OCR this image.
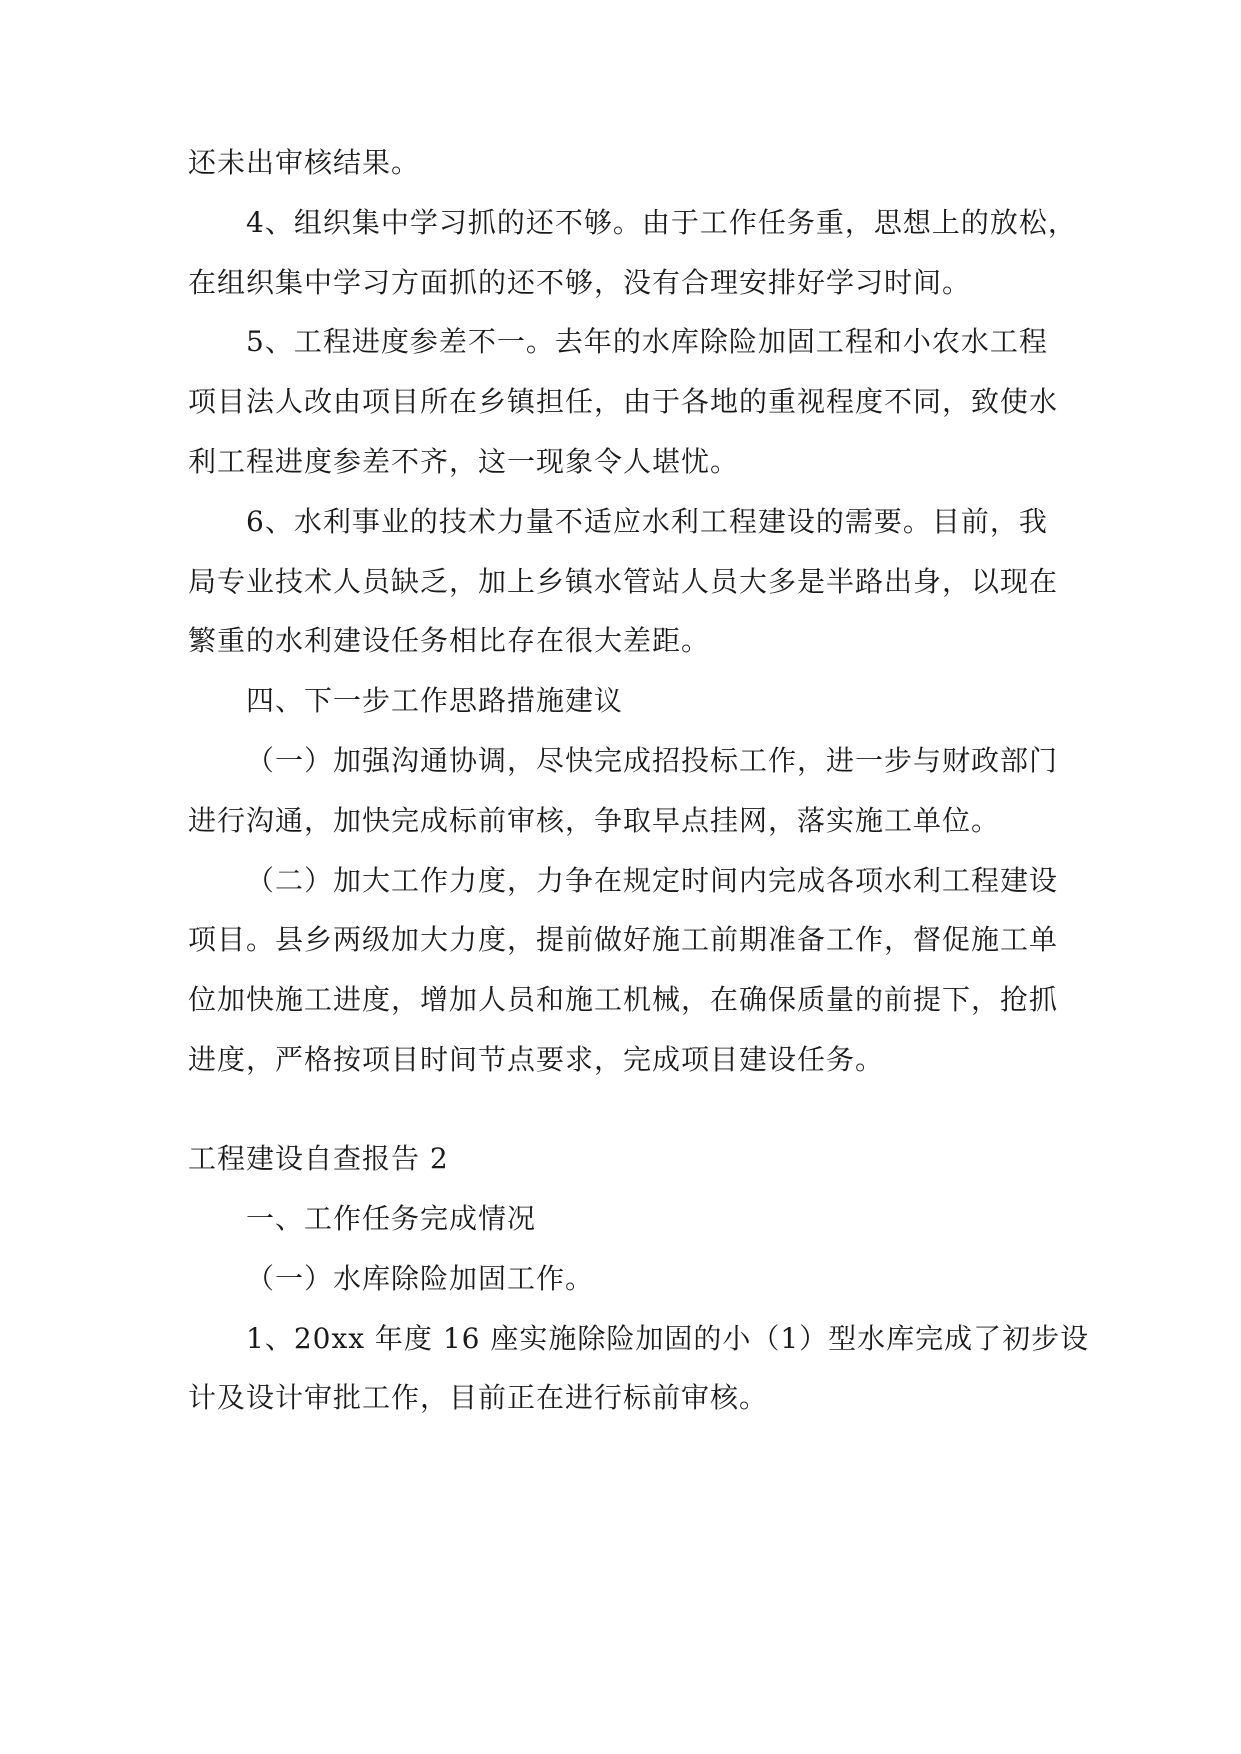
还未出审核结果。
4、组织集中学习抓的还不够。由于工作任务重，思想上的放松，
在组织集中学习方面抓的还不够，没有合理安排好学习时间。
5、工程进度参差不一。去年的水库除险加固工程和小农水工程
项目法人改由项目所在乡镇担任，由于各地的重视程度不同，致使水
利工程进度参差不齐，这一现象令人堪忧。
6、水利事业的技术力量不适应水利工程建设的需要。目前，我
局专业技术人员缺乏，加上乡镇水管站人员大多是半路出身，以现在
繁重的水利建设任务相比存在很大差距。
四、下一步工作思路措施建议
（一）加强沟通协调，尽快完成招投标工作，进一步与财政部门
进行沟通，加快完成标前审核，争取早点挂网，落实施工单位。
（二）加大工作力度，力争在规定时间内完成各项水利工程建设
项目。县乡两级加大力度，提前做好施工前期准备工作，督促施工单
位加快施工进度，增加人员和施工机械，在确保质量的前提下，抢抓
进度，严格按项目时间节点要求，完成项目建设任务。
工程建设自查报告 2
一、工作任务完成情况
（一）水库除险加固工作。
1、20xx 年度 16 座实施除险加固的小（1）型水库完成了初步设
计及设计审批工作，目前正在进行标前审核。
